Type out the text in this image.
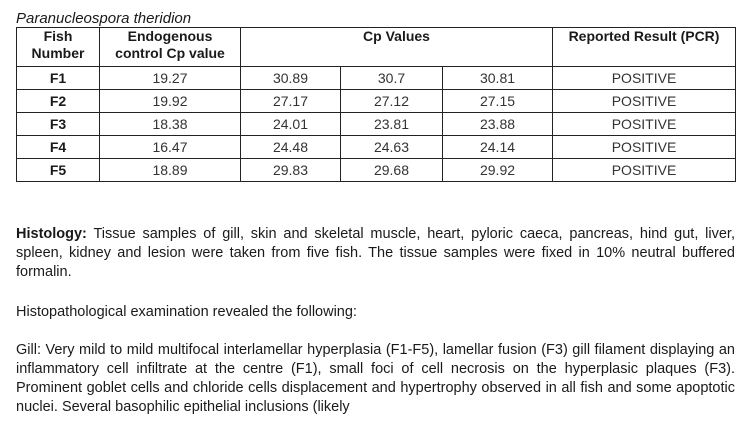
Paranucleospora theridion
Fish Number	Endogenous control Cp value	Cp Values			Reported Result (PCR)
F1	19.27	30.89	30.7	30.81	POSITIVE
F2	19.92	27.17	27.12	27.15	POSITIVE
F3	18.38	24.01	23.81	23.88	POSITIVE
F4	16.47	24.48	24.63	24.14	POSITIVE
F5	18.89	29.83	29.68	29.92	POSITIVE

Histology: Tissue samples of gill, skin and skeletal muscle, heart, pyloric caeca, pancreas, hind gut, liver, spleen, kidney and lesion were taken from five fish. The tissue samples were fixed in 10% neutral buffered formalin.

Histopathological examination revealed the following:

Gill: Very mild to mild multifocal interlamellar hyperplasia (F1-F5), lamellar fusion (F3) gill filament displaying an inflammatory cell infiltrate at the centre (F1), small foci of cell necrosis on the hyperplasic plaques (F3). Prominent goblet cells and chloride cells displacement and hypertrophy observed in all fish and some apoptotic nuclei. Several basophilic epithelial inclusions (likely
